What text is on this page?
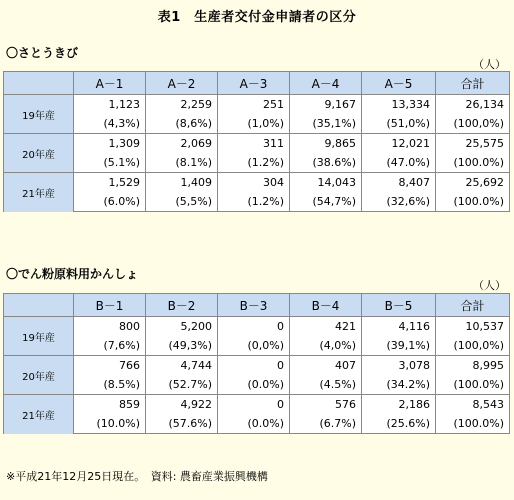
表1　生産者交付金申請者の区分
〇さとうきび
（人）
	A－1	A－2	A－3	A－4	A－5	合計
19年産	1,123	2,259	251	9,167	13,334	26,134
	(4,3%)	(8,6%)	(1,0%)	(35,1%)	(51,0%)	(100,0%)
20年産	1,309	2,069	311	9,865	12,021	25,575
	(5.1%)	(8.1%)	(1.2%)	(38.6%)	(47.0%)	(100.0%)
21年産	1,529	1,409	304	14,043	8,407	25,692
	(6.0%)	(5,5%)	(1.2%)	(54,7%)	(32,6%)	(100.0%)
〇でん粉原料用かんしょ
（人）
	B－1	B－2	B－3	B－4	B－5	合計
19年産	800	5,200	0	421	4,116	10,537
	(7,6%)	(49,3%)	(0,0%)	(4,0%)	(39,1%)	(100,0%)
20年産	766	4,744	0	407	3,078	8,995
	(8.5%)	(52.7%)	(0.0%)	(4.5%)	(34.2%)	(100.0%)
21年産	859	4,922	0	576	2,186	8,543
	(10.0%)	(57.6%)	(0.0%)	(6.7%)	(25.6%)	(100.0%)
※平成21年12月25日現在。　資料: 農畜産業振興機構
